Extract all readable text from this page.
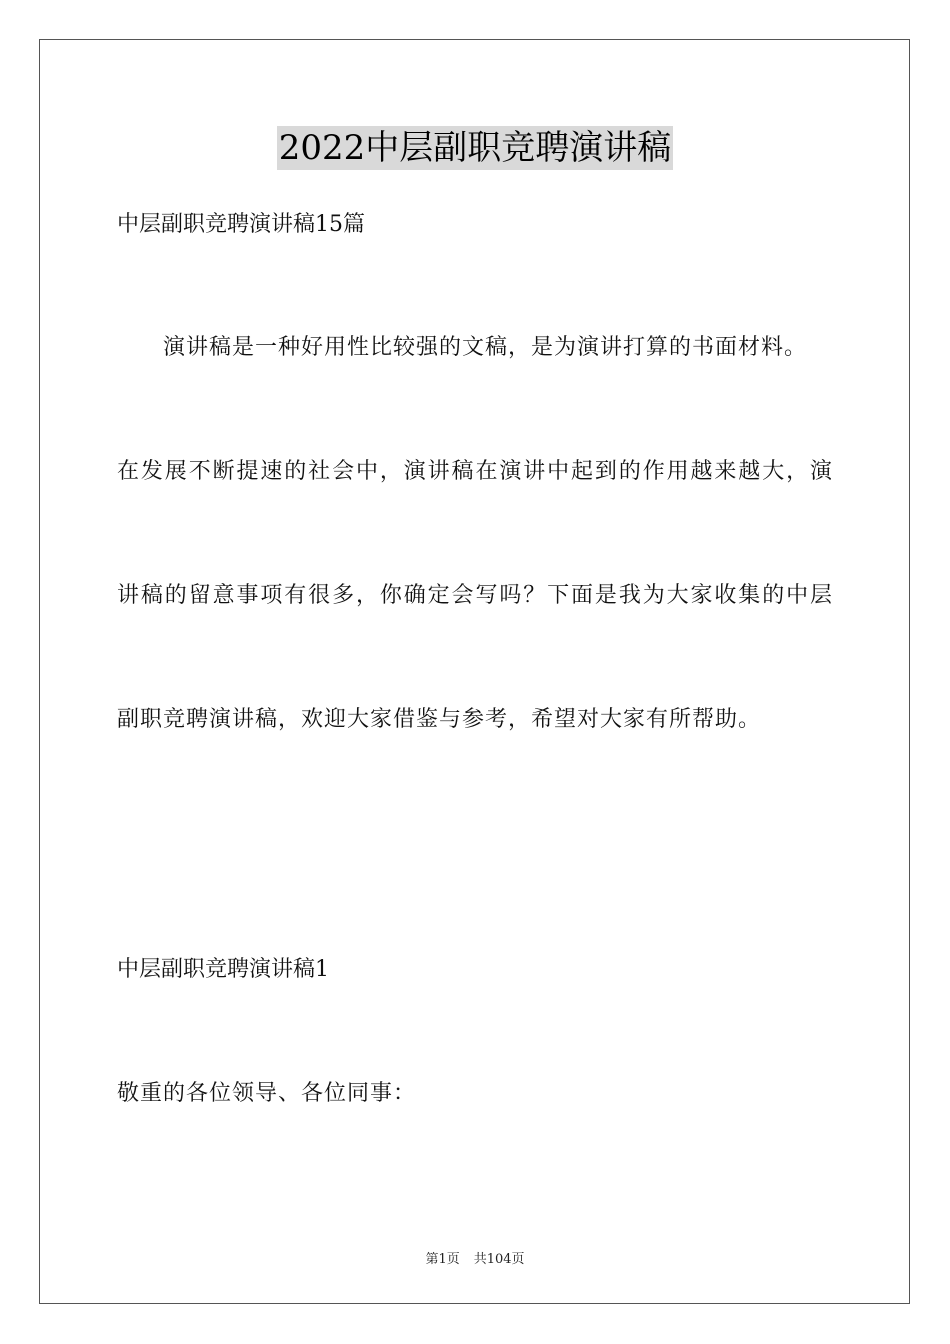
2022中层副职竞聘演讲稿
中层副职竞聘演讲稿15篇
演讲稿是一种好用性比较强的文稿，是为演讲打算的书面材料。
在发展不断提速的社会中，演讲稿在演讲中起到的作用越来越大，演
讲稿的留意事项有很多，你确定会写吗？下面是我为大家收集的中层
副职竞聘演讲稿，欢迎大家借鉴与参考，希望对大家有所帮助。
中层副职竞聘演讲稿1
敬重的各位领导、各位同事：
第1页 共104页
